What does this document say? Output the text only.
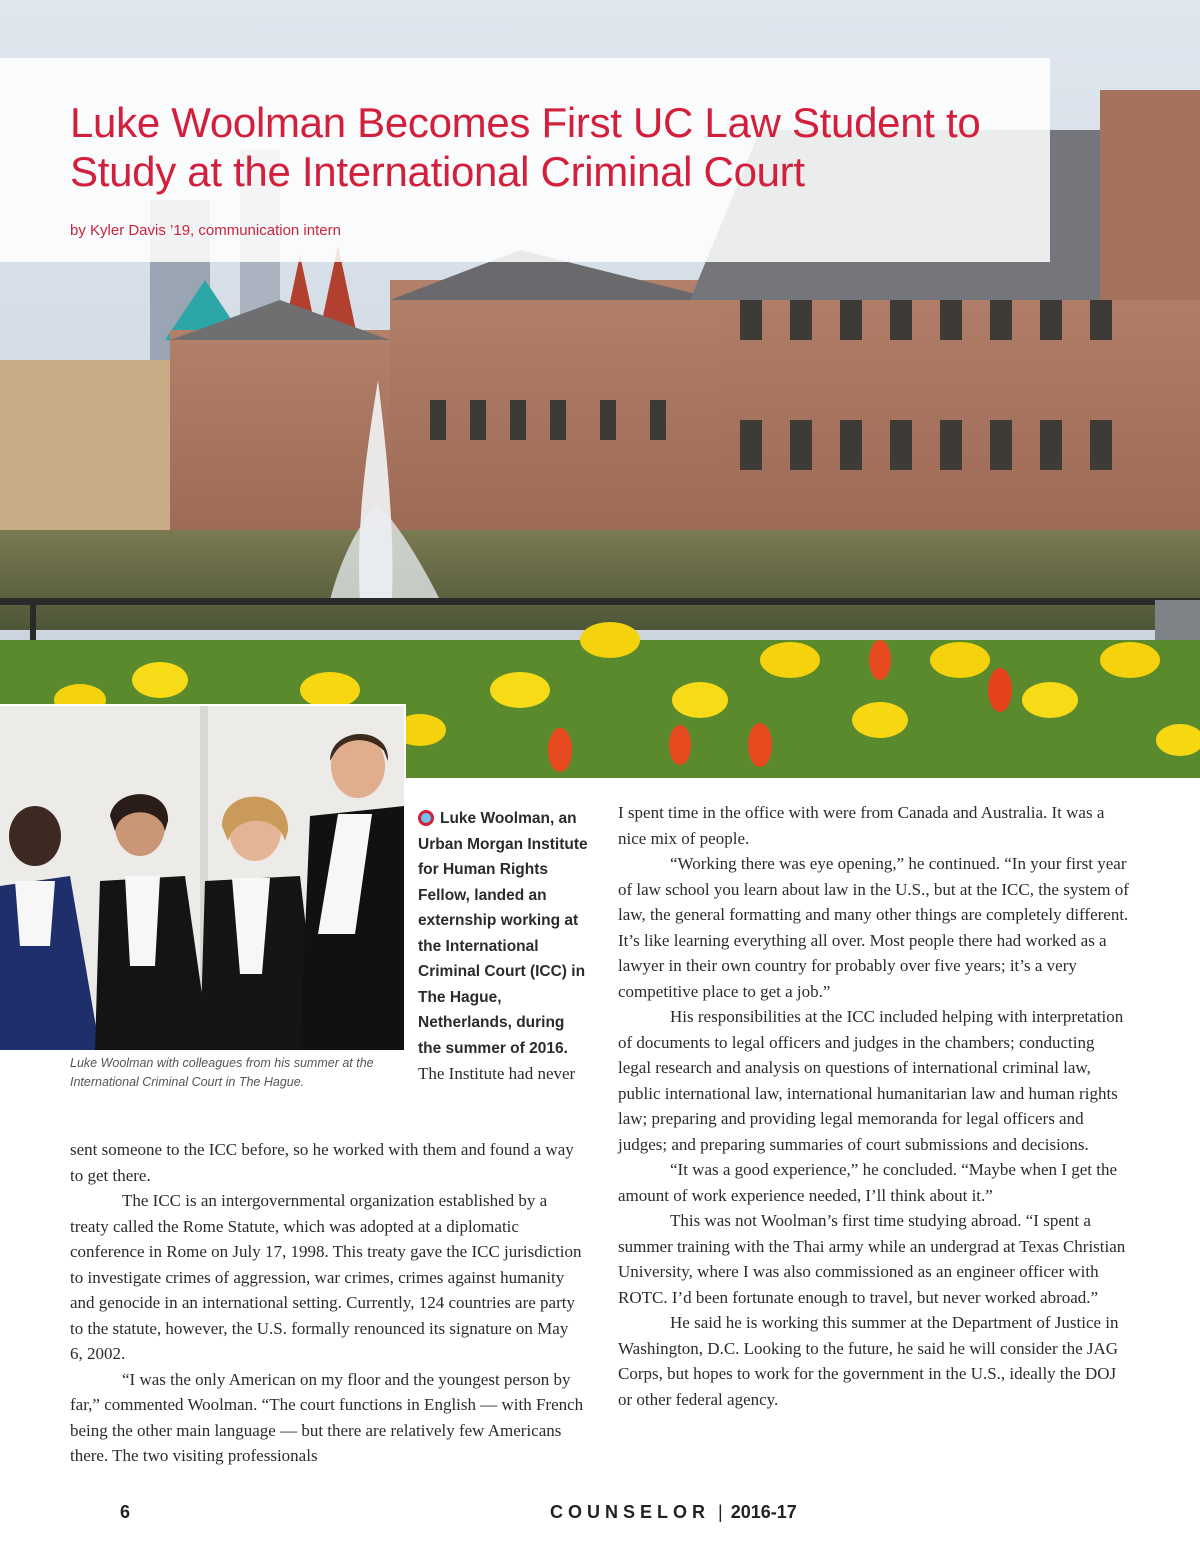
Luke Woolman Becomes First UC Law Student to Study at the International Criminal Court

by Kyler Davis ’19, communication intern

Luke Woolman with colleagues from his summer at the International Criminal Court in The Hague.

Luke Woolman, an Urban Morgan Institute for Human Rights Fellow, landed an externship working at the International Criminal Court (ICC) in The Hague, Netherlands, during the summer of 2016. The Institute had never

sent someone to the ICC before, so he worked with them and found a way to get there.

The ICC is an intergovernmental organization established by a treaty called the Rome Statute, which was adopted at a diplomatic conference in Rome on July 17, 1998. This treaty gave the ICC jurisdiction to investigate crimes of aggression, war crimes, crimes against humanity and genocide in an international setting. Currently, 124 countries are party to the statute, however, the U.S. formally renounced its signature on May 6, 2002.

“I was the only American on my floor and the youngest person by far,” commented Woolman. “The court functions in English — with French being the other main language — but there are relatively few Americans there. The two visiting professionals

I spent time in the office with were from Canada and Australia. It was a nice mix of people.

“Working there was eye opening,” he continued. “In your first year of law school you learn about law in the U.S., but at the ICC, the system of law, the general formatting and many other things are completely different. It’s like learning everything all over. Most people there had worked as a lawyer in their own country for probably over five years; it’s a very competitive place to get a job.”

His responsibilities at the ICC included helping with interpretation of documents to legal officers and judges in the chambers; conducting legal research and analysis on questions of international criminal law, public international law, international humanitarian law and human rights law; preparing and providing legal memoranda for legal officers and judges; and preparing summaries of court submissions and decisions.

“It was a good experience,” he concluded. “Maybe when I get the amount of work experience needed, I’ll think about it.”

This was not Woolman’s first time studying abroad. “I spent a summer training with the Thai army while an undergrad at Texas Christian University, where I was also commissioned as an engineer officer with ROTC. I’d been fortunate enough to travel, but never worked abroad.”

He said he is working this summer at the Department of Justice in Washington, D.C. Looking to the future, he said he will consider the JAG Corps, but hopes to work for the government in the U.S., ideally the DOJ or other federal agency.

6	COUNSELOR | 2016-17
